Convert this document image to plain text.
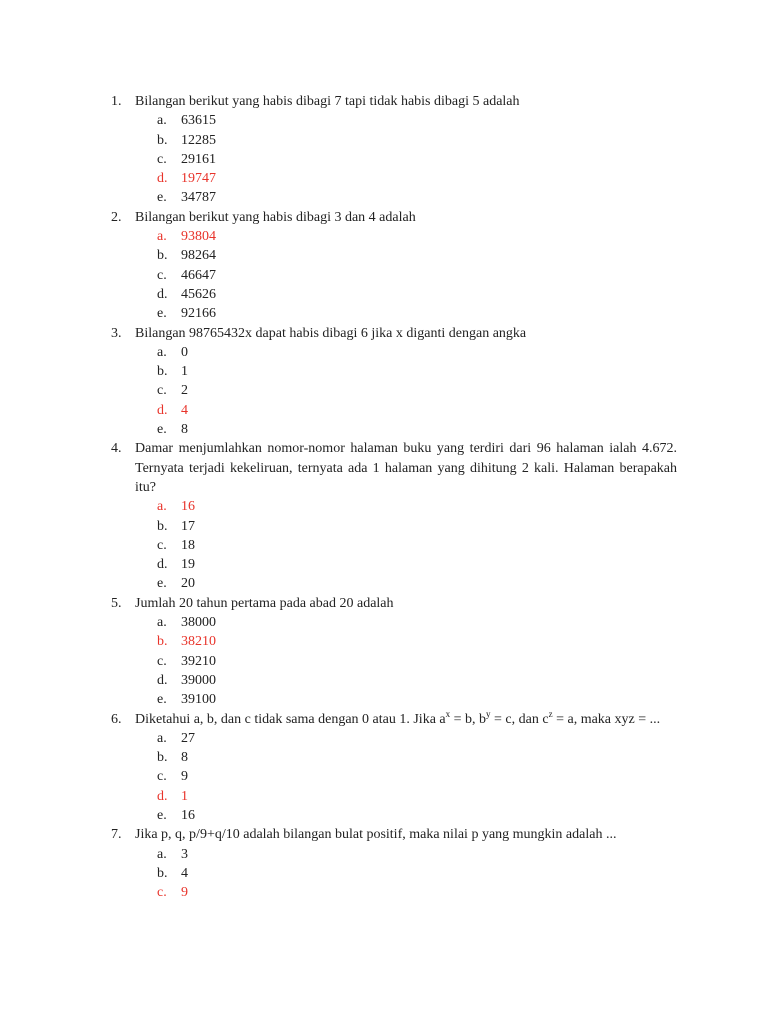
1. Bilangan berikut yang habis dibagi 7 tapi tidak habis dibagi 5 adalah
a. 63615
b. 12285
c. 29161
d. 19747
e. 34787
2. Bilangan berikut yang habis dibagi 3 dan 4 adalah
a. 93804
b. 98264
c. 46647
d. 45626
e. 92166
3. Bilangan 98765432x dapat habis dibagi 6 jika x diganti dengan angka
a. 0
b. 1
c. 2
d. 4
e. 8
4. Damar menjumlahkan nomor-nomor halaman buku yang terdiri dari 96 halaman ialah 4.672. Ternyata terjadi kekeliruan, ternyata ada 1 halaman yang dihitung 2 kali. Halaman berapakah itu?
a. 16
b. 17
c. 18
d. 19
e. 20
5. Jumlah 20 tahun pertama pada abad 20 adalah
a. 38000
b. 38210
c. 39210
d. 39000
e. 39100
6. Diketahui a, b, dan c tidak sama dengan 0 atau 1. Jika $a^x = b$, $b^y = c$, dan $c^z = a$, maka xyz = ...
a. 27
b. 8
c. 9
d. 1
e. 16
7. Jika p, q, p/9+q/10 adalah bilangan bulat positif, maka nilai p yang mungkin adalah ...
a. 3
b. 4
c. 9
